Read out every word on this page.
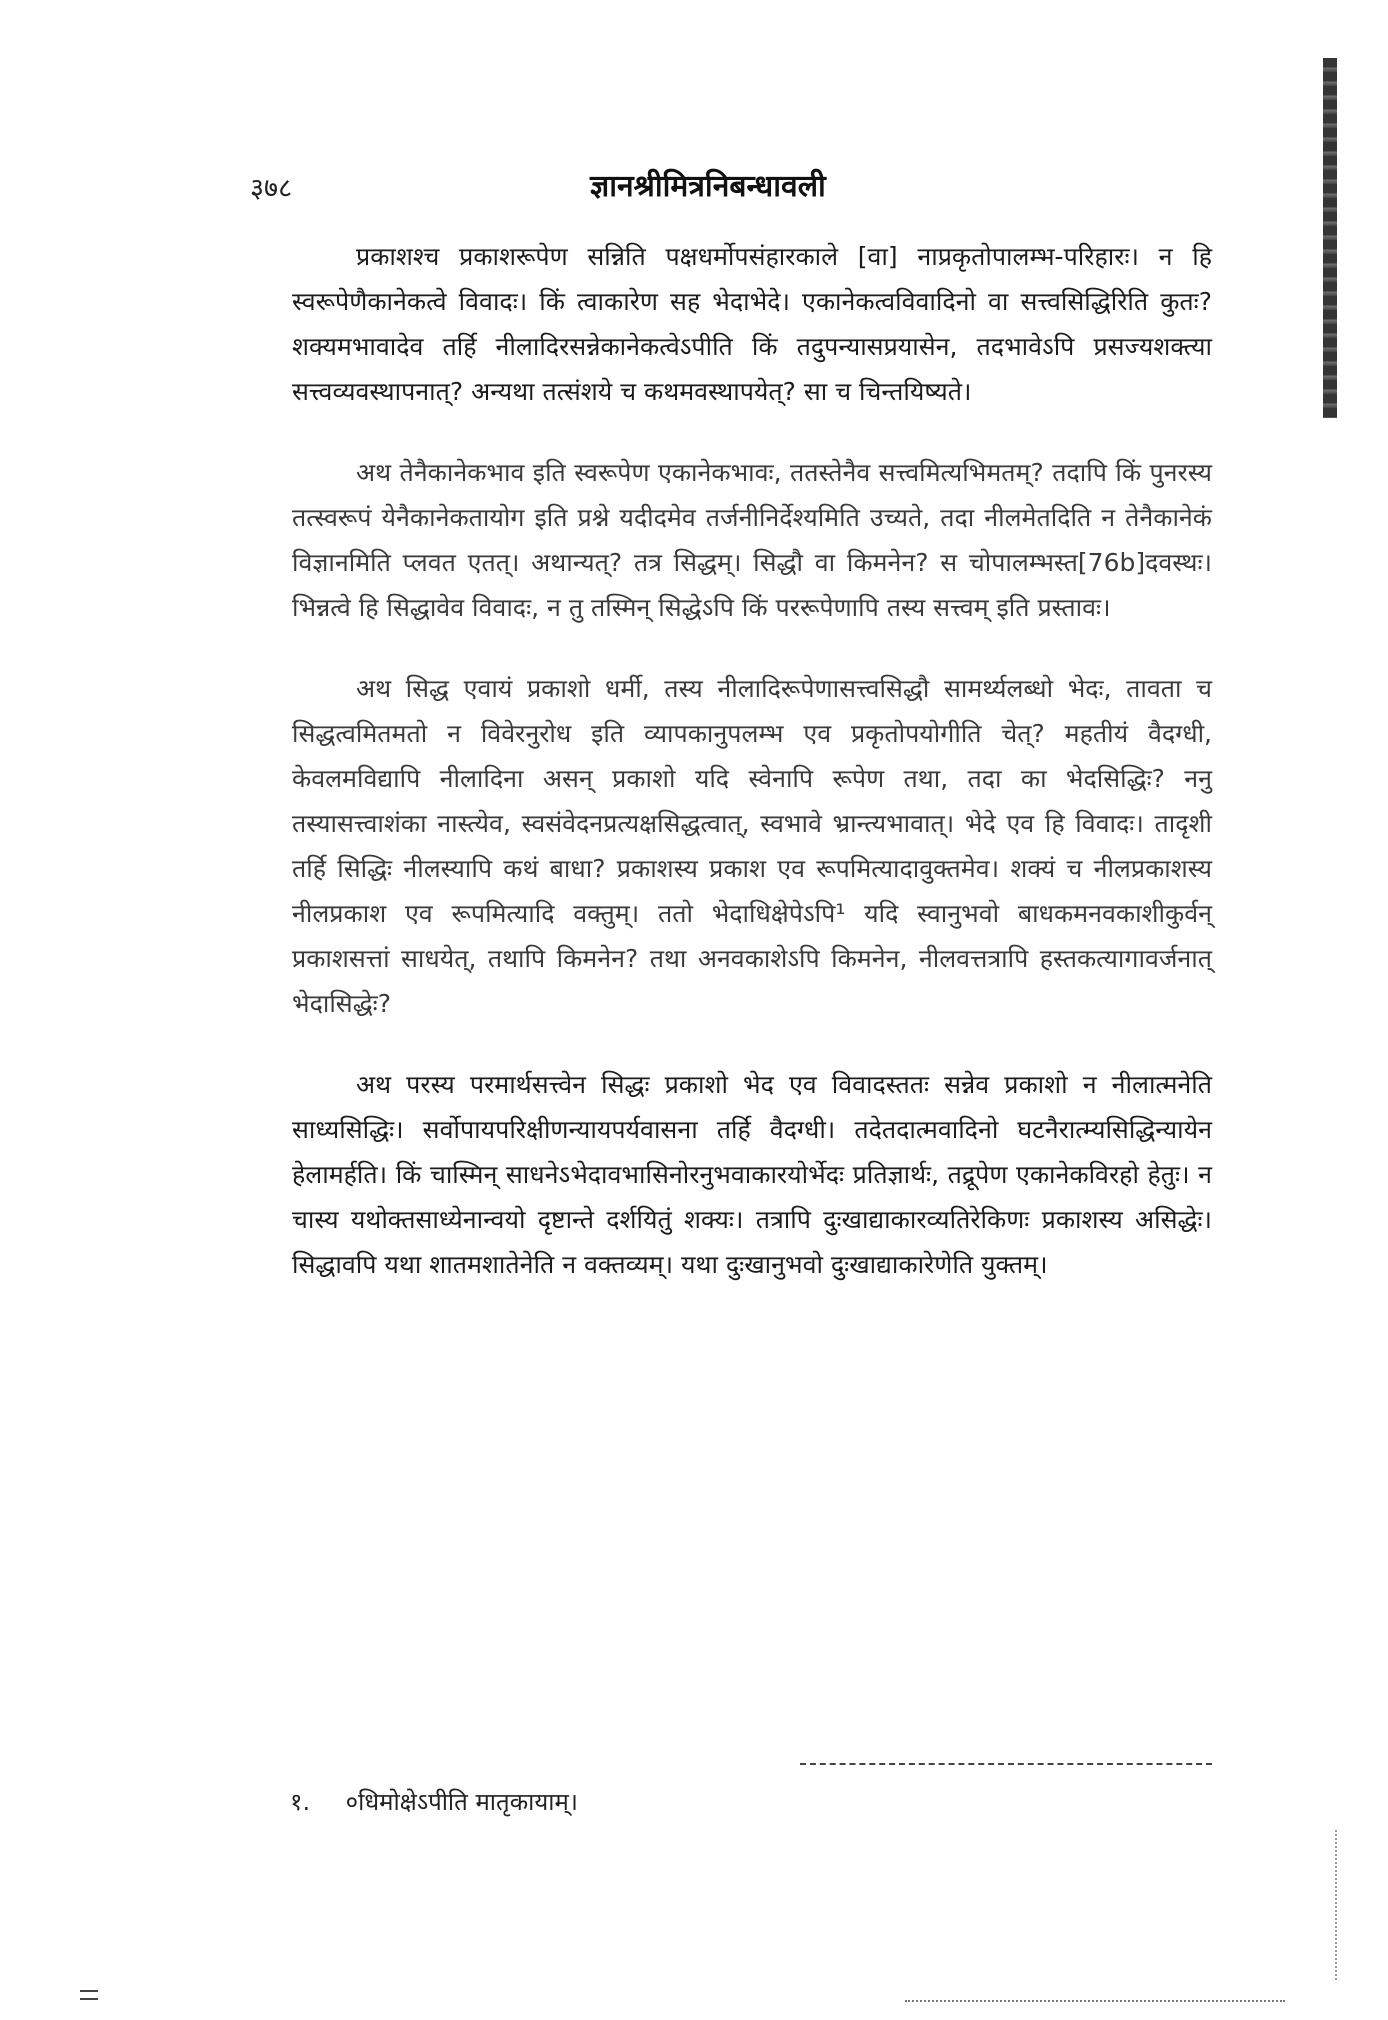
३७८	ज्ञानश्रीमित्रनिबन्धावली

प्रकाशश्च प्रकाशरूपेण सन्निति पक्षधर्मोपसंहारकाले [वा] नाप्रकृतोपालम्भ-परिहारः। न हि स्वरूपेणैकानेकत्वे विवादः। किं त्वाकारेण सह भेदाभेदे। एकानेकत्वविवादिनो वा सत्त्वसिद्धिरिति कुतः? शक्यमभावादेव तर्हि नीलादिरसन्नेकानेकत्वेऽपीति किं तदुपन्यासप्रयासेन, तदभावेऽपि प्रसज्यशक्त्या सत्त्वव्यवस्थापनात्? अन्यथा तत्संशये च कथमवस्थापयेत्? सा च चिन्तयिष्यते।

अथ तेनैकानेकभाव इति स्वरूपेण एकानेकभावः, ततस्तेनैव सत्त्वमित्यभिमतम्? तदापि किं पुनरस्य तत्स्वरूपं येनैकानेकतायोग इति प्रश्ने यदीदमेव तर्जनीनिर्देश्यमिति उच्यते, तदा नीलमेतदिति न तेनैकानेकं विज्ञानमिति प्लवत एतत्। अथान्यत्? तत्र सिद्धम्। सिद्धौ वा किमनेन? स चोपालम्भस्त[76b]दवस्थः। भिन्नत्वे हि सिद्धावेव विवादः, न तु तस्मिन् सिद्धेऽपि किं पररूपेणापि तस्य सत्त्वम् इति प्रस्तावः।

अथ सिद्ध एवायं प्रकाशो धर्मी, तस्य नीलादिरूपेणासत्त्वसिद्धौ सामर्थ्यलब्धो भेदः, तावता च सिद्धत्वमितमतो न विवेरनुरोध इति व्यापकानुपलम्भ एव प्रकृतोपयोगीति चेत्? महतीयं वैदग्धी, केवलमविद्यापि नीलादिना असन् प्रकाशो यदि स्वेनापि रूपेण तथा, तदा का भेदसिद्धिः? ननु तस्यासत्त्वाशंका नास्त्येव, स्वसंवेदनप्रत्यक्षसिद्धत्वात्, स्वभावे भ्रान्त्यभावात्। भेदे एव हि विवादः। तादृशी तर्हि सिद्धिः नीलस्यापि कथं बाधा? प्रकाशस्य प्रकाश एव रूपमित्यादावुक्तमेव। शक्यं च नीलप्रकाशस्य नीलप्रकाश एव रूपमित्यादि वक्तुम्। ततो भेदाधिक्षेपेऽपि¹ यदि स्वानुभवो बाधकमनवकाशीकुर्वन् प्रकाशसत्तां साधयेत्, तथापि किमनेन? तथा अनवकाशेऽपि किमनेन, नीलवत्तत्रापि हस्तकत्यागावर्जनात् भेदासिद्धेः?

अथ परस्य परमार्थसत्त्वेन सिद्धः प्रकाशो भेद एव विवादस्ततः सन्नेव प्रकाशो न नीलात्मनेति साध्यसिद्धिः। सर्वोपायपरिक्षीणन्यायपर्यवासना तर्हि वैदग्धी। तदेतदात्मवादिनो घटनैरात्म्यसिद्धिन्यायेन हेलामर्हति। किं चास्मिन् साधनेऽभेदावभासिनोरनुभवाकारयोर्भेदः प्रतिज्ञार्थः, तद्रूपेण एकानेकविरहो हेतुः। न चास्य यथोक्तसाध्येनान्वयो दृष्टान्ते दर्शयितुं शक्यः। तत्रापि दुःखाद्याकारव्यतिरेकिणः प्रकाशस्य असिद्धेः। सिद्धावपि यथा शातमशातेनेति न वक्तव्यम्। यथा दुःखानुभवो दुःखाद्याकारेणेति युक्तम्।

१. ०धिमोक्षेऽपीति मातृकायाम्।
